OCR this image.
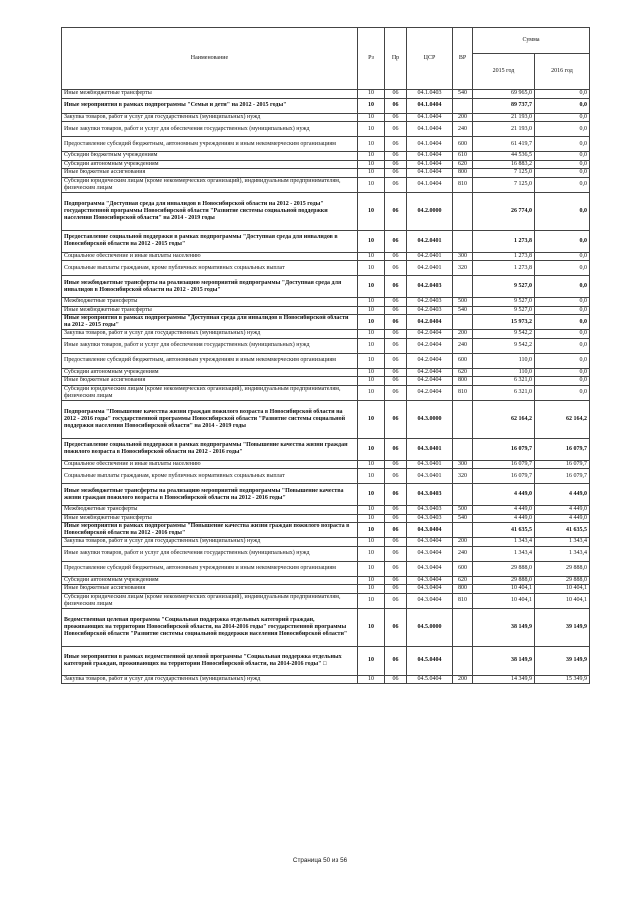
Наименование	Рз	Пр	ЦСР	ВР	Сумма	
					2015 год	2016 год
Иные межбюджетные трансферты	10	06	04.1.0403	540	69 965,0	0,0
Иные мероприятия в рамках подпрограммы "Семья и дети" на 2012 - 2015 годы"	10	06	04.1.0404		89 737,7	0,0
Закупка товаров, работ и услуг для государственных (муниципальных) нужд	10	06	04.1.0404	200	21 193,0	0,0
Иные закупки товаров, работ и услуг для обеспечения государственных (муниципальных) нужд	10	06	04.1.0404	240	21 193,0	0,0
Предоставление субсидий бюджетным, автономным учреждениям и иным некоммерческим организациям	10	06	04.1.0404	600	61 419,7	0,0
Субсидии бюджетным учреждениям	10	06	04.1.0404	610	44 536,5	0,0
Субсидии автономным учреждениям	10	06	04.1.0404	620	16 883,2	0,0
Иные бюджетные ассигнования	10	06	04.1.0404	800	7 125,0	0,0
Субсидии юридическим лицам (кроме некоммерческих организаций), индивидуальным предпринимателям, физическим лицам	10	06	04.1.0404	810	7 125,0	0,0
Подпрограмма "Доступная среда для инвалидов в Новосибирской области на 2012 - 2015 годы" государственной программы Новосибирской области "Развитие системы социальной поддержки населения Новосибирской области" на 2014 - 2019 годы	10	06	04.2.0000		26 774,0	0,0
Предоставление социальной поддержки в рамках подпрограммы "Доступная среда для инвалидов в Новосибирской области на 2012 - 2015 годы"	10	06	04.2.0401		1 273,8	0,0
Социальное обеспечение и иные выплаты населению	10	06	04.2.0401	300	1 273,8	0,0
Социальные выплаты гражданам, кроме публичных нормативных социальных выплат	10	06	04.2.0401	320	1 273,8	0,0
Иные межбюджетные трансферты на реализацию мероприятий подпрограммы "Доступная среда для инвалидов в Новосибирской области на 2012 - 2015 годы"	10	06	04.2.0403		9 527,0	0,0
Межбюджетные трансферты	10	06	04.2.0403	500	9 527,0	0,0
Иные межбюджетные трансферты	10	06	04.2.0403	540	9 527,0	0,0
Иные мероприятия в рамках подпрограммы "Доступная среда для инвалидов в Новосибирской области на 2012 - 2015 годы"	10	06	04.2.0404		15 973,2	0,0
Закупка товаров, работ и услуг для государственных (муниципальных) нужд	10	06	04.2.0404	200	9 542,2	0,0
Иные закупки товаров, работ и услуг для обеспечения государственных (муниципальных) нужд	10	06	04.2.0404	240	9 542,2	0,0
Предоставление субсидий бюджетным, автономным учреждениям и иным некоммерческим организациям	10	06	04.2.0404	600	110,0	0,0
Субсидии автономным учреждениям	10	06	04.2.0404	620	110,0	0,0
Иные бюджетные ассигнования	10	06	04.2.0404	800	6 321,0	0,0
Субсидии юридическим лицам (кроме некоммерческих организаций), индивидуальным предпринимателям, физическим лицам	10	06	04.2.0404	810	6 321,0	0,0
Подпрограмма "Повышение качества жизни граждан пожилого возраста в Новосибирской области на 2012 - 2016 годы" государственной программы Новосибирской области "Развитие системы социальной поддержки населения Новосибирской области" на 2014 - 2019 годы	10	06	04.3.0000		62 164,2	62 164,2
Предоставление социальной поддержки в рамках подпрограммы "Повышение качества жизни граждан пожилого возраста в Новосибирской области на 2012 - 2016 годы"	10	06	04.3.0401		16 079,7	16 079,7
Социальное обеспечение и иные выплаты населению	10	06	04.3.0401	300	16 079,7	16 079,7
Социальные выплаты гражданам, кроме публичных нормативных социальных выплат	10	06	04.3.0401	320	16 079,7	16 079,7
Иные межбюджетные трансферты на реализацию мероприятий подпрограммы "Повышение качества жизни граждан пожилого возраста в Новосибирской области на 2012 - 2016 годы"	10	06	04.3.0403		4 449,0	4 449,0
Межбюджетные трансферты	10	06	04.3.0403	500	4 449,0	4 449,0
Иные межбюджетные трансферты	10	06	04.3.0403	540	4 449,0	4 449,0
Иные мероприятия в рамках подпрограммы "Повышение качества жизни граждан пожилого возраста в Новосибирской области на 2012 - 2016 годы"	10	06	04.3.0404		41 635,5	41 635,5
Закупка товаров, работ и услуг для государственных (муниципальных) нужд	10	06	04.3.0404	200	1 343,4	1 343,4
Иные закупки товаров, работ и услуг для обеспечения государственных (муниципальных) нужд	10	06	04.3.0404	240	1 343,4	1 343,4
Предоставление субсидий бюджетным, автономным учреждениям и иным некоммерческим организациям	10	06	04.3.0404	600	29 888,0	29 888,0
Субсидии автономным учреждениям	10	06	04.3.0404	620	29 888,0	29 888,0
Иные бюджетные ассигнования	10	06	04.3.0404	800	10 404,1	10 404,1
Субсидии юридическим лицам (кроме некоммерческих организаций), индивидуальным предпринимателям, физическим лицам	10	06	04.3.0404	810	10 404,1	10 404,1
Ведомственная целевая программа "Социальная поддержка отдельных категорий граждан, проживающих на территории Новосибирской области, на 2014-2016 годы" государственной программы Новосибирской области "Развитие системы социальной поддержки населения Новосибирской области"	10	06	04.5.0000		38 149,9	39 149,9
Иные мероприятия в рамках ведомственной целевой программы "Социальная поддержка отдельных категорий граждан, проживающих на территории Новосибирской области, на 2014-2016 годы" □	10	06	04.5.0404		38 149,9	39 149,9
Закупка товаров, работ и услуг для государственных (муниципальных) нужд	10	06	04.5.0404	200	14 349,9	15 349,9
Страница 50 из 56
